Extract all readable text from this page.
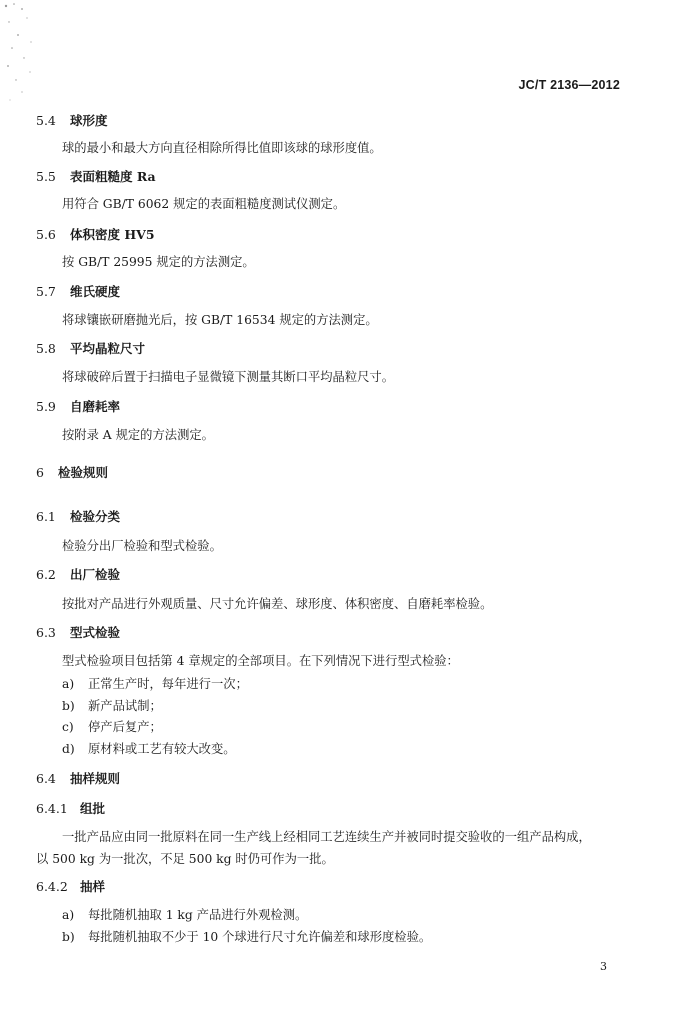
JC/T 2136—2012
5.4 球形度
球的最小和最大方向直径相除所得比值即该球的球形度值。
5.5 表面粗糙度 Ra
用符合 GB/T 6062 规定的表面粗糙度测试仪测定。
5.6 体积密度 HV5
按 GB/T 25995 规定的方法测定。
5.7 维氏硬度
将球镶嵌研磨抛光后，按 GB/T 16534 规定的方法测定。
5.8 平均晶粒尺寸
将球破碎后置于扫描电子显微镜下测量其断口平均晶粒尺寸。
5.9 自磨耗率
按附录 A 规定的方法测定。
6 检验规则
6.1 检验分类
检验分出厂检验和型式检验。
6.2 出厂检验
按批对产品进行外观质量、尺寸允许偏差、球形度、体积密度、自磨耗率检验。
6.3 型式检验
型式检验项目包括第 4 章规定的全部项目。在下列情况下进行型式检验：
a) 正常生产时，每年进行一次；
b) 新产品试制；
c) 停产后复产；
d) 原材料或工艺有较大改变。
6.4 抽样规则
6.4.1 组批
一批产品应由同一批原料在同一生产线上经相同工艺连续生产并被同时提交验收的一组产品构成，
以 500 kg 为一批次，不足 500 kg 时仍可作为一批。
6.4.2 抽样
a) 每批随机抽取 1 kg 产品进行外观检测。
b) 每批随机抽取不少于 10 个球进行尺寸允许偏差和球形度检验。
3
